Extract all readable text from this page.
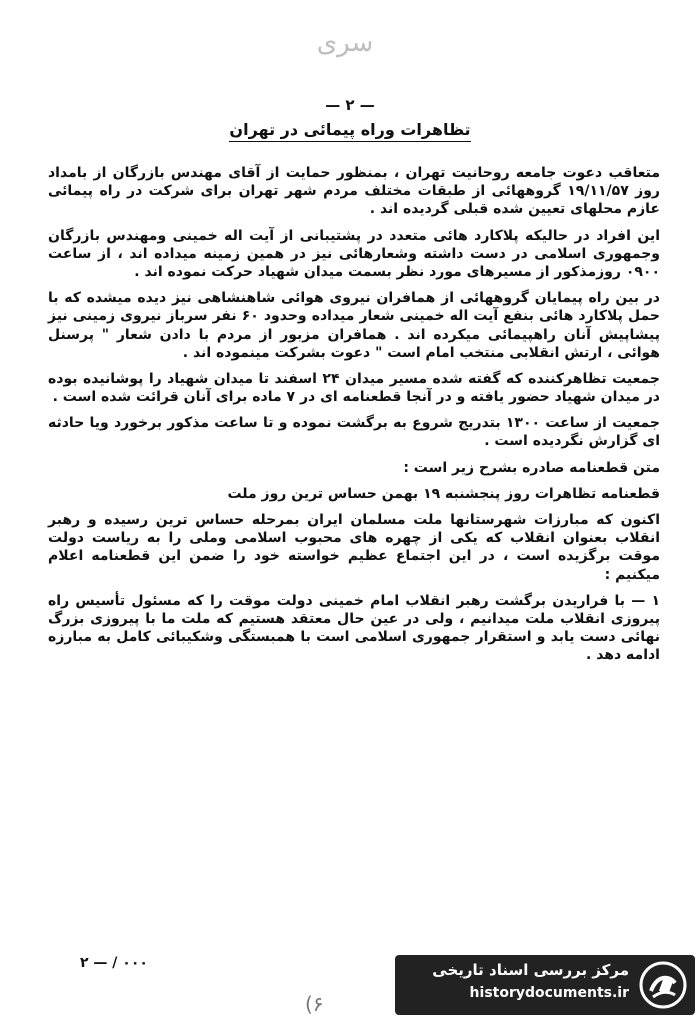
سری
— ۲ —
تظاهرات وراه پیمائی در تهران

متعاقب دعوت جامعه روحانیت تهران ، بمنظور حمایت از آقای مهندس بازرگان از بامداد روز ۱۹/۱۱/۵۷ گروههائی از طبقات مختلف مردم شهر تهران برای شرکت در راه پیمائی عازم محلهای تعیین شده قبلی گردیده اند .

این افراد در حالیکه پلاکارد هائی متعدد در پشتیبانی از آیت اله خمینی ومهندس بازرگان وجمهوری اسلامی در دست داشته وشعارهائی نیز در همین زمینه میداده اند ، از ساعت ۰۹۰۰ روزمذکور از مسیرهای مورد نظر بسمت میدان شهیاد حرکت نموده اند .

در بین راه پیمایان گروههائی از همافران نیروی هوائی شاهنشاهی نیز دیده میشده که با حمل پلاکارد هائی بنفع آیت اله خمینی شعار میداده وحدود ۶۰ نفر سرباز نیروی زمینی نیز پیشاپیش آنان راهپیمائی میکرده اند . همافران مزبور از مردم با دادن شعار " پرسنل هوائی ، ارتش انقلابی منتخب امام است " دعوت بشرکت مینموده اند .

جمعیت تظاهرکننده که گفته شده مسیر میدان ۲۴ اسفند تا میدان شهیاد را پوشانیده بوده در میدان شهیاد حضور یافته و در آنجا قطعنامه ای در ۷ ماده برای آنان قرائت شده است .

جمعیت از ساعت ۱۳۰۰ بتدریج شروع به برگشت نموده و تا ساعت مذکور برخورد ویا حادثه ای گزارش نگردیده است .

متن قطعنامه صادره بشرح زیر است :

قطعنامه تظاهرات روز پنجشنبه ۱۹ بهمن حساس ترین روز ملت

اکنون که مبارزات شهرستانها ملت مسلمان ایران بمرحله حساس ترین رسیده و رهبر انقلاب بعنوان انقلاب که یکی از چهره های محبوب اسلامی وملی را به ریاست دولت موقت برگزیده است ، در این اجتماع عظیم خواسته خود را ضمن این قطعنامه اعلام میکنیم :

۱ — با فراریدن برگشت رهبر انقلاب امام خمینی دولت موقت را که مسئول تأسیس راه پیروزی انقلاب ملت میدانیم ، ولی در عین حال معتقد هستیم که ملت ما با پیروزی بزرگ نهائی دست یابد و استقرار جمهوری اسلامی است با همبستگی وشکیبائی کامل به مبارزه ادامه دهد .

۲ — / ۰۰۰
(۶
مرکز بررسی اسناد تاریخی
historydocuments.ir
